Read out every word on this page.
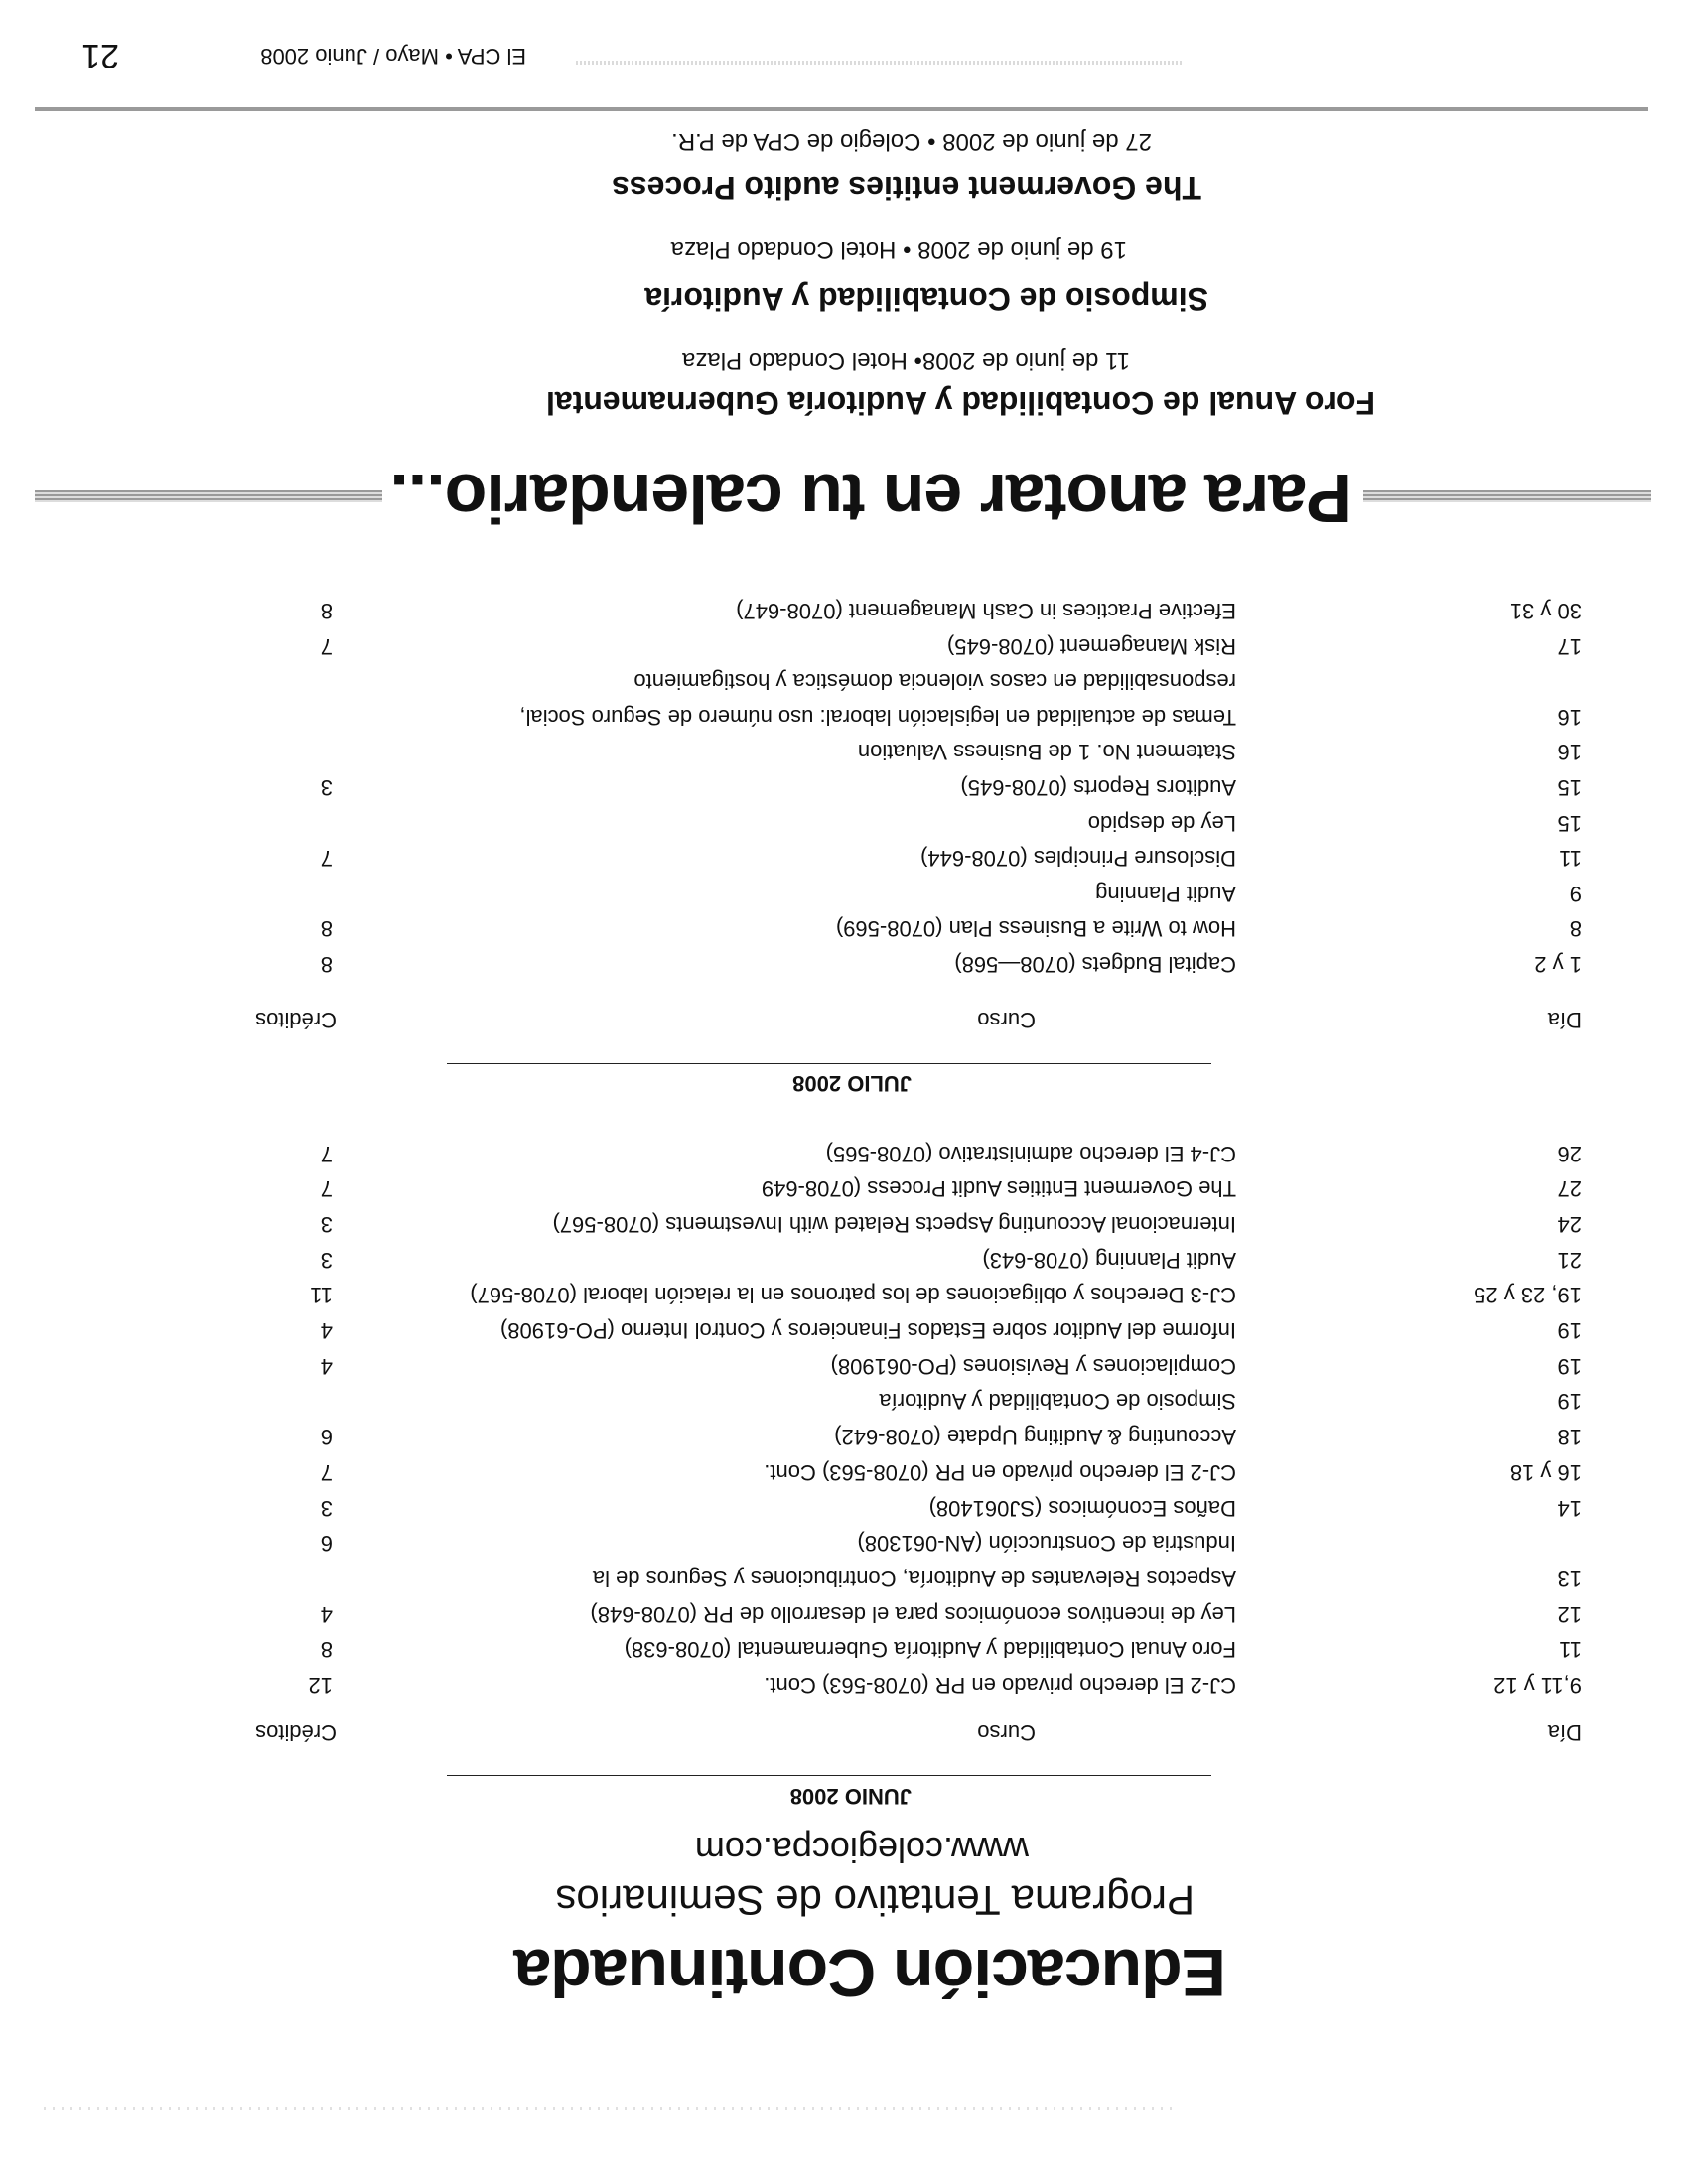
Educación Continuada
Programa Tentativo de Seminarios
www.colegiocpa.com
JUNIO 2008
Día
Curso
Créditos
9,11 y 12
CJ-2 El derecho privado en PR (0708-563) Cont.
12
11
Foro Anual Contabilidad y Auditoría Gubernamental (0708-638)
8
12
Ley de incentivos económicos para el desarrollo de PR (0708-648)
4
13
Aspectos Relevantes de Auditoría, Contribuciones y Seguros de la
Industria de Construcción (AN-061308)
6
14
Daños Económicos (SJ061408)
3
16 y 18
CJ-2 El derecho privado en PR (0708-563) Cont.
7
18
Accounting & Auditing Update (0708-642)
6
19
Simposio de Contabilidad y Auditoría
19
Compilaciones y Revisiones (PO-061908)
4
19
Informe del Auditor sobre Estados Financieros y Control Interno (PO-61908)
4
19, 23 y 25
CJ-3 Derechos y obligaciones de los patronos en la relación laboral (0708-567)
11
21
Audit Planning (0708-643)
3
24
Internacional Accounting Aspects Related with Investments (0708-567)
3
27
The Goverment Entities Audit Process (0708-649
7
26
CJ-4 El derecho administrativo (0708-565)
7
JULIO 2008
Día
Curso
Créditos
1 y 2
Capital Budgets (0708—568)
8
8
How to Write a Business Plan (0708-569)
8
9
Audit Planning
11
Disclosure Principles (0708-644)
7
15
Ley de despido
15
Auditors Reports (0708-645)
3
16
Statement No. 1 de Business Valuation
16
Temas de actualidad en legislación laboral: uso número de Seguro Social,
responsabilidad en casos violencia doméstica y hostigamiento
17
Risk Management (0708-645)
7
30 y 31
Efective Practices in Cash Management (0708-647)
8
Para anotar en tu calendario...
Foro Anual de Contabilidad y Auditoría Gubernamental
11 de junio de 2008• Hotel Condado Plaza
Simposio de Contabilidad y Auditoría
19 de junio de 2008 • Hotel Condado Plaza
The Goverment entities audito Process
27 de junio de 2008 • Colegio de CPA de P.R.
El CPA • Mayo / Junio 2008
21
